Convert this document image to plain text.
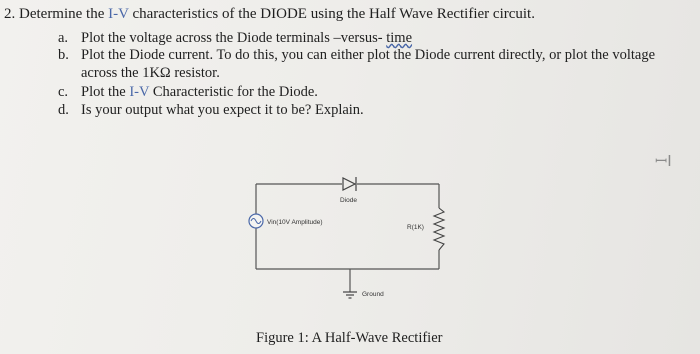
2. Determine the I-V characteristics of the DIODE using the Half Wave Rectifier circuit.
a. Plot the voltage across the Diode terminals –versus- time
b. Plot the Diode current. To do this, you can either plot the Diode current directly, or plot the voltage
across the 1KΩ resistor.
c. Plot the I-V Characteristic for the Diode.
d. Is your output what you expect it to be? Explain.
ꟷI
Diode
Vin(10V Amplitude)
R(1K)
Ground
Figure 1: A Half-Wave Rectifier
